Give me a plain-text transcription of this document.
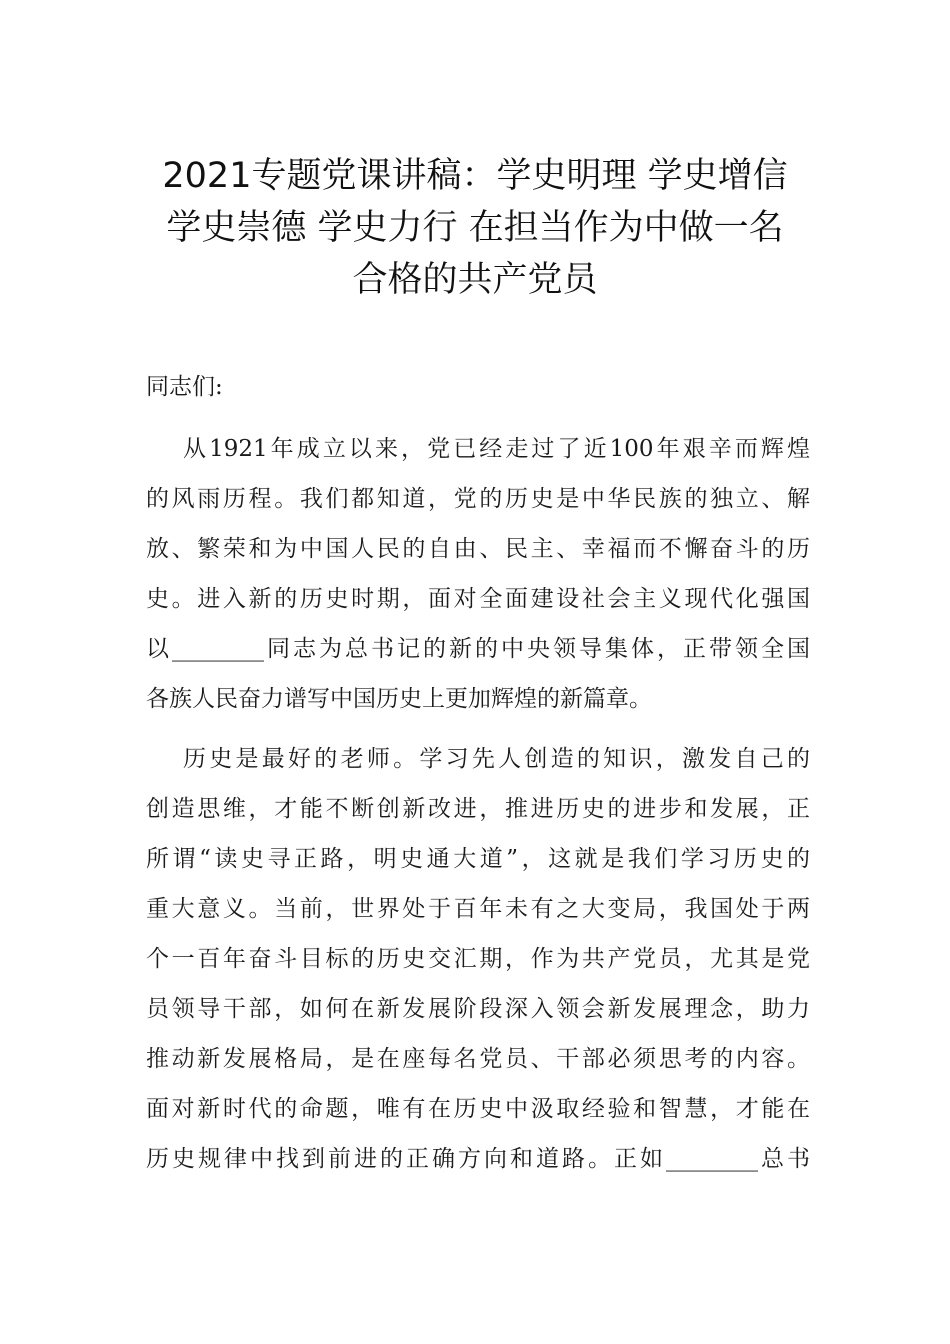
2021专题党课讲稿：学史明理 学史增信
学史崇德 学史力行 在担当作为中做一名
合格的共产党员
同志们:
从1921年成立以来，党已经走过了近100年艰辛而辉煌
的风雨历程。我们都知道，党的历史是中华民族的独立、解
放、繁荣和为中国人民的自由、民主、幸福而不懈奋斗的历
史。进入新的历史时期，面对全面建设社会主义现代化强国
以________同志为总书记的新的中央领导集体，正带领全国
各族人民奋力谱写中国历史上更加辉煌的新篇章。
历史是最好的老师。学习先人创造的知识，激发自己的
创造思维，才能不断创新改进，推进历史的进步和发展，正
所谓“读史寻正路，明史通大道”，这就是我们学习历史的
重大意义。当前，世界处于百年未有之大变局，我国处于两
个一百年奋斗目标的历史交汇期，作为共产党员，尤其是党
员领导干部，如何在新发展阶段深入领会新发展理念，助力
推动新发展格局，是在座每名党员、干部必须思考的内容。
面对新时代的命题，唯有在历史中汲取经验和智慧，才能在
历史规律中找到前进的正确方向和道路。正如________总书
